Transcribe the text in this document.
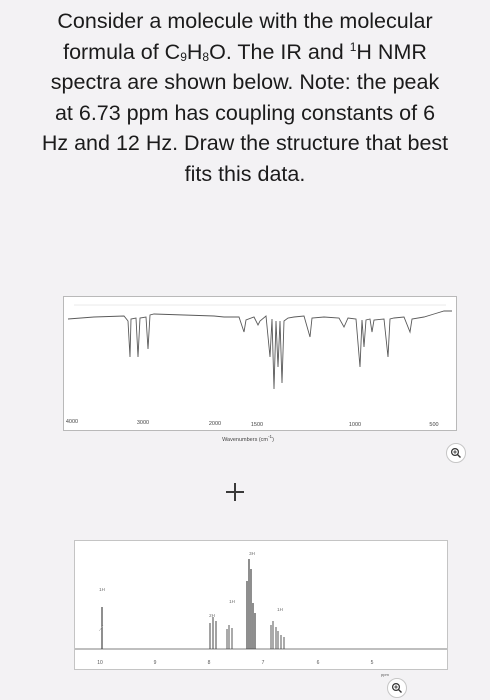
Consider a molecule with the molecular

formula of $C_9H_8O$. The IR and $^1$H NMR

spectra are shown below. Note: the peak

at 6.73 ppm has coupling constants of 6

Hz and 12 Hz. Draw the structure that best

fits this data.

4000	3000	2000	1500	1000	500
Wavenumbers $(cm^{-1})$
1H
2H
3H
1H
1H
10	9	8	7	6	5
ppm
